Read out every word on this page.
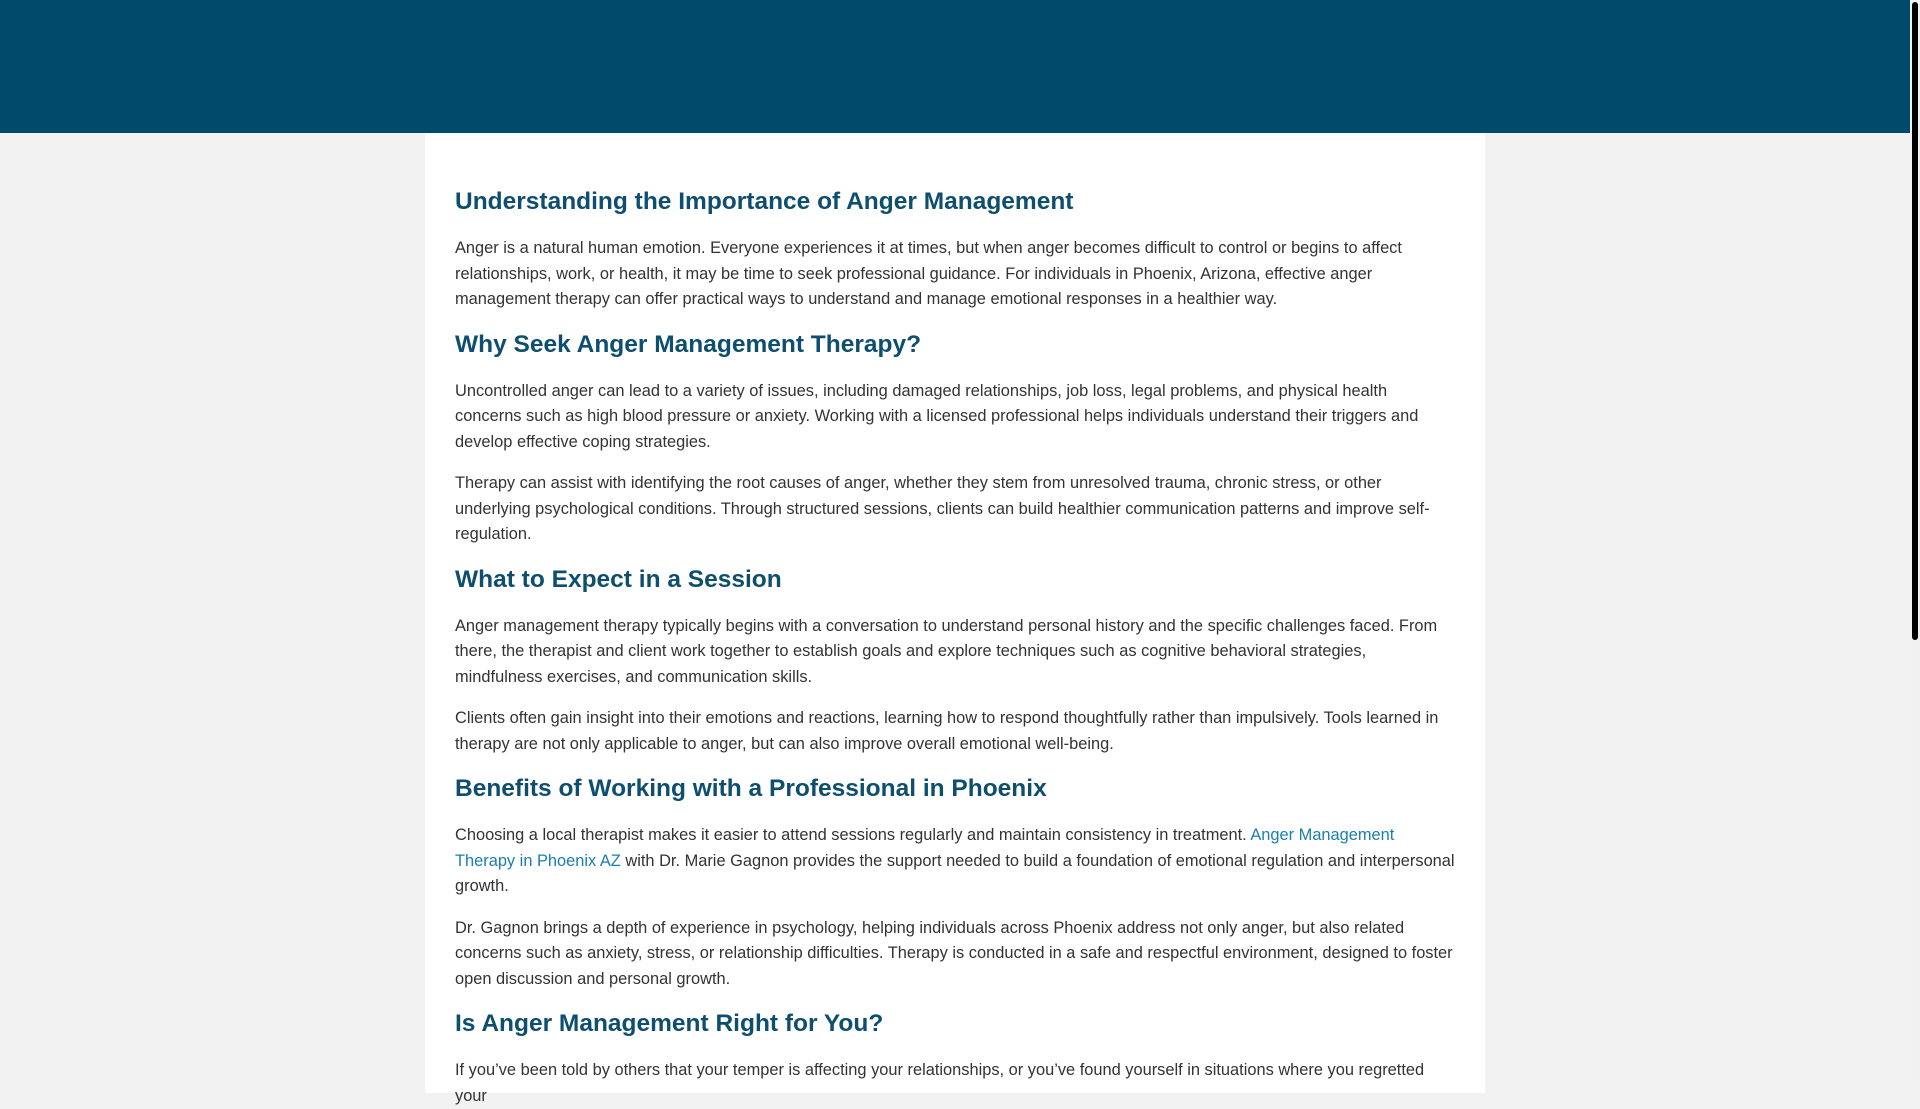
Understanding the Importance of Anger Management

Anger is a natural human emotion. Everyone experiences it at times, but when anger becomes difficult to control or begins to affect relationships, work, or health, it may be time to seek professional guidance. For individuals in Phoenix, Arizona, effective anger management therapy can offer practical ways to understand and manage emotional responses in a healthier way.

Why Seek Anger Management Therapy?

Uncontrolled anger can lead to a variety of issues, including damaged relationships, job loss, legal problems, and physical health concerns such as high blood pressure or anxiety. Working with a licensed professional helps individuals understand their triggers and develop effective coping strategies.

Therapy can assist with identifying the root causes of anger, whether they stem from unresolved trauma, chronic stress, or other underlying psychological conditions. Through structured sessions, clients can build healthier communication patterns and improve self-regulation.

What to Expect in a Session

Anger management therapy typically begins with a conversation to understand personal history and the specific challenges faced. From there, the therapist and client work together to establish goals and explore techniques such as cognitive behavioral strategies, mindfulness exercises, and communication skills.

Clients often gain insight into their emotions and reactions, learning how to respond thoughtfully rather than impulsively. Tools learned in therapy are not only applicable to anger, but can also improve overall emotional well-being.

Benefits of Working with a Professional in Phoenix

Choosing a local therapist makes it easier to attend sessions regularly and maintain consistency in treatment. Anger Management Therapy in Phoenix AZ with Dr. Marie Gagnon provides the support needed to build a foundation of emotional regulation and interpersonal growth.

Dr. Gagnon brings a depth of experience in psychology, helping individuals across Phoenix address not only anger, but also related concerns such as anxiety, stress, or relationship difficulties. Therapy is conducted in a safe and respectful environment, designed to foster open discussion and personal growth.

Is Anger Management Right for You?

If you’ve been told by others that your temper is affecting your relationships, or you’ve found yourself in situations where you regretted your
